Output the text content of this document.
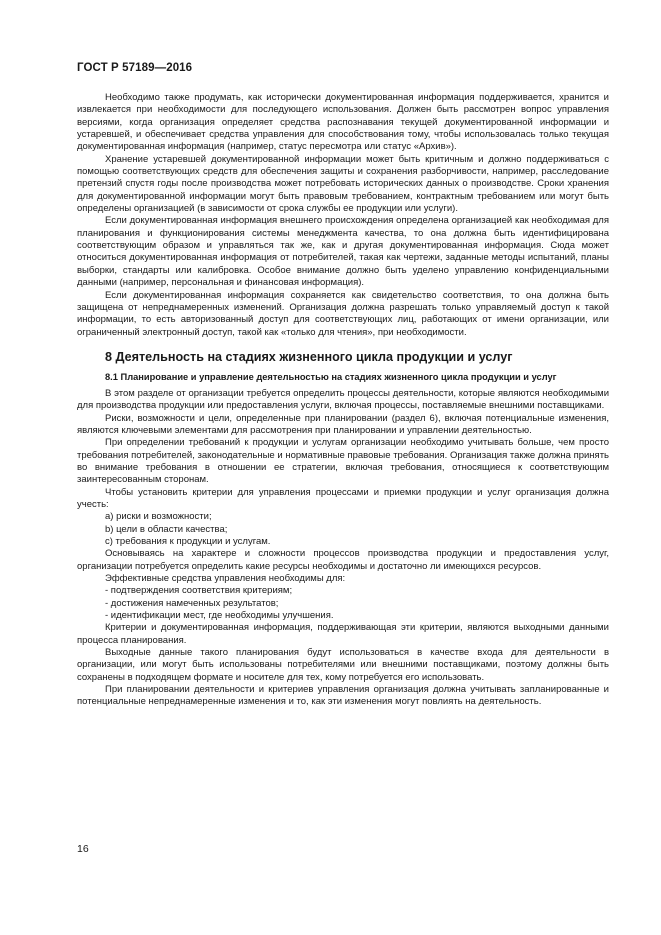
ГОСТ Р 57189—2016

Необходимо также продумать, как исторически документированная информация поддерживается, хранится и извлекается при необходимости для последующего использования. Должен быть рассмотрен вопрос управления версиями, когда организация определяет средства распознавания текущей документированной информации и устаревшей, и обеспечивает средства управления для способствования тому, чтобы использовалась только текущая документированная информация (например, статус пересмотра или статус «Архив»).

Хранение устаревшей документированной информации может быть критичным и должно поддерживаться с помощью соответствующих средств для обеспечения защиты и сохранения разборчивости, например, расследование претензий спустя годы после производства может потребовать исторических данных о производстве. Сроки хранения для документированной информации могут быть правовым требованием, контрактным требованием или могут быть определены организацией (в зависимости от срока службы ее продукции или услуги).

Если документированная информация внешнего происхождения определена организацией как необходимая для планирования и функционирования системы менеджмента качества, то она должна быть идентифицирована соответствующим образом и управляться так же, как и другая документированная информация. Сюда может относиться документированная информация от потребителей, такая как чертежи, заданные методы испытаний, планы выборки, стандарты или калибровка. Особое внимание должно быть уделено управлению конфиденциальными данными (например, персональная и финансовая информация).

Если документированная информация сохраняется как свидетельство соответствия, то она должна быть защищена от непреднамеренных изменений. Организация должна разрешать только управляемый доступ к такой информации, то есть авторизованный доступ для соответствующих лиц, работающих от имени организации, или ограниченный электронный доступ, такой как «только для чтения», при необходимости.

8 Деятельность на стадиях жизненного цикла продукции и услуг
8.1 Планирование и управление деятельностью на стадиях жизненного цикла продукции и услуг

В этом разделе от организации требуется определить процессы деятельности, которые являются необходимыми для производства продукции или предоставления услуги, включая процессы, поставляемые внешними поставщиками.

Риски, возможности и цели, определенные при планировании (раздел 6), включая потенциальные изменения, являются ключевыми элементами для рассмотрения при планировании и управлении деятельностью.

При определении требований к продукции и услугам организации необходимо учитывать больше, чем просто требования потребителей, законодательные и нормативные правовые требования. Организация также должна принять во внимание требования в отношении ее стратегии, включая требования, относящиеся к соответствующим заинтересованным сторонам.

Чтобы установить критерии для управления процессами и приемки продукции и услуг организация должна учесть:

a) риски и возможности;

b) цели в области качества;

c) требования к продукции и услугам.

Основываясь на характере и сложности процессов производства продукции и предоставления услуг, организации потребуется определить какие ресурсы необходимы и достаточно ли имеющихся ресурсов.

Эффективные средства управления необходимы для:

- подтверждения соответствия критериям;

- достижения намеченных результатов;

- идентификации мест, где необходимы улучшения.

Критерии и документированная информация, поддерживающая эти критерии, являются выходными данными процесса планирования.

Выходные данные такого планирования будут использоваться в качестве входа для деятельности в организации, или могут быть использованы потребителями или внешними поставщиками, поэтому должны быть сохранены в подходящем формате и носителе для тех, кому потребуется его использовать.

При планировании деятельности и критериев управления организация должна учитывать запланированные и потенциальные непреднамеренные изменения и то, как эти изменения могут повлиять на деятельность.

16
